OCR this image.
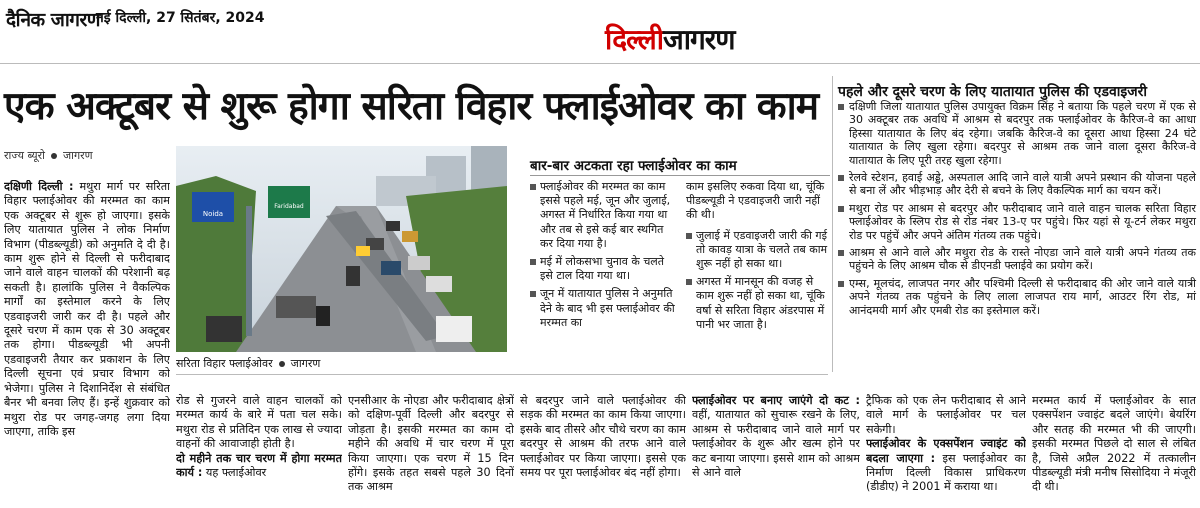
दैनिक जागरण
नई दिल्ली, 27 सितंबर, 2024
दिल्लीजागरण
एक अक्टूबर से शुरू होगा सरिता विहार फ्लाईओवर का काम
राज्य ब्यूरो जागरण
दक्षिणी दिल्ली : मथुरा मार्ग पर सरिता विहार फ्लाईओवर की मरम्मत का काम एक अक्टूबर से शुरू हो जाएगा। इसके लिए यातायात पुलिस ने लोक निर्माण विभाग (पीडब्ल्यूडी) को अनुमति दे दी है। काम शुरू होने से दिल्ली से फरीदाबाद जाने वाले वाहन चालकों की परेशानी बढ़ सकती है। हालांकि पुलिस ने वैकल्पिक मार्गों का इस्तेमाल करने के लिए एडवाइजरी जारी कर दी है। पहले और दूसरे चरण में काम एक से 30 अक्टूबर तक होगा। पीडब्ल्यूडी भी अपनी एडवाइजरी तैयार कर प्रकाशन के लिए दिल्ली सूचना एवं प्रचार विभाग को भेजेगा। पुलिस ने दिशानिर्देश से संबंधित बैनर भी बनवा लिए हैं। इन्हें शुक्रवार को मथुरा रोड पर जगह-जगह लगा दिया जाएगा, ताकि इस
Noida
Faridabad
सरिता विहार फ्लाईओवर जागरण
रोड से गुजरने वाले वाहन चालकों को मरम्मत कार्य के बारे में पता चल सके। मथुरा रोड से प्रतिदिन एक लाख से ज्यादा वाहनों की आवाजाही होती है।
दो महीने तक चार चरण में होगा मरम्मत कार्य : यह फ्लाईओवर
एनसीआर के नोएडा और फरीदाबाद क्षेत्रों को दक्षिण-पूर्वी दिल्ली और बदरपुर से जोड़ता है। इसकी मरम्मत का काम दो महीने की अवधि में चार चरण में पूरा किया जाएगा। एक चरण में 15 दिन होंगे। इसके तहत सबसे पहले 30 दिनों तक आश्रम
से बदरपुर जाने वाले फ्लाईओवर की सड़क की मरम्मत का काम किया जाएगा। इसके बाद तीसरे और चौथे चरण का काम बदरपुर से आश्रम की तरफ आने वाले फ्लाईओवर पर किया जाएगा। इससे एक समय पर पूरा फ्लाईओवर बंद नहीं होगा।
फ्लाईओवर पर बनाए जाएंगे दो कट : वहीं, यातायात को सुचारू रखने के लिए, आश्रम से फरीदाबाद जाने वाले मार्ग पर फ्लाईओवर के शुरू और खत्म होने पर कट बनाया जाएगा। इससे शाम को आश्रम से आने वाले
ट्रैफिक को एक लेन फरीदाबाद से आने वाले मार्ग के फ्लाईओवर पर चल सकेगी।
फ्लाईओवर के एक्सपेंशन ज्वाइंट को बदला जाएगा : इस फ्लाईओवर का निर्माण दिल्ली विकास प्राधिकरण (डीडीए) ने 2001 में कराया था।
मरम्मत कार्य में फ्लाईओवर के सात एक्सपेंशन ज्वाइंट बदले जाएंगे। बेयरिंग और सतह की मरम्मत भी की जाएगी। इसकी मरम्मत पिछले दो साल से लंबित है, जिसे अप्रैल 2022 में तत्कालीन पीडब्ल्यूडी मंत्री मनीष सिसोदिया ने मंजूरी दी थी।
बार-बार अटकता रहा फ्लाईओवर का काम
फ्लाईओवर की मरम्मत का काम इससे पहले मई, जून और जुलाई, अगस्त में निर्धारित किया गया था और तब से इसे कई बार स्थगित कर दिया गया है।
मई में लोकसभा चुनाव के चलते इसे टाल दिया गया था।
जून में यातायात पुलिस ने अनुमति देने के बाद भी इस फ्लाईओवर की मरम्मत का
काम इसलिए रुकवा दिया था, चूंकि पीडब्ल्यूडी ने एडवाइजरी जारी नहीं की थी।
जुलाई में एडवाइजरी जारी की गई तो कावड़ यात्रा के चलते तब काम शुरू नहीं हो सका था।
अगस्त में मानसून की वजह से काम शुरू नहीं हो सका था, चूंकि वर्षा से सरिता विहार अंडरपास में पानी भर जाता है।
पहले और दूसरे चरण के लिए यातायात पुलिस की एडवाइजरी
दक्षिणी जिला यातायात पुलिस उपायुक्त विक्रम सिंह ने बताया कि पहले चरण में एक से 30 अक्टूबर तक अवधि में आश्रम से बदरपुर तक फ्लाईओवर के कैरिज-वे का आधा हिस्सा यातायात के लिए बंद रहेगा। जबकि कैरिज-वे का दूसरा आधा हिस्सा 24 घंटे यातायात के लिए खुला रहेगा। बदरपुर से आश्रम तक जाने वाला दूसरा कैरिज-वे यातायात के लिए पूरी तरह खुला रहेगा।
रेलवे स्टेशन, हवाई अड्डे, अस्पताल आदि जाने वाले यात्री अपने प्रस्थान की योजना पहले से बना लें और भीड़भाड़ और देरी से बचने के लिए वैकल्पिक मार्ग का चयन करें।
मथुरा रोड पर आश्रम से बदरपुर और फरीदाबाद जाने वाले वाहन चालक सरिता विहार फ्लाईओवर के स्लिप रोड से रोड नंबर 13-ए पर पहुंचे। फिर यहां से यू-टर्न लेकर मथुरा रोड पर पहुंचें और अपने अंतिम गंतव्य तक पहुंचे।
आश्रम से आने वाले और मथुरा रोड के रास्ते नोएडा जाने वाले यात्री अपने गंतव्य तक पहुंचने के लिए आश्रम चौक से डीएनडी फ्लाईवे का प्रयोग करें।
एम्स, मूलचंद, लाजपत नगर और पश्चिमी दिल्ली से फरीदाबाद की ओर जाने वाले यात्री अपने गंतव्य तक पहुंचने के लिए लाला लाजपत राय मार्ग, आउटर रिंग रोड, मां आनंदमयी मार्ग और एमबी रोड का इस्तेमाल करें।
